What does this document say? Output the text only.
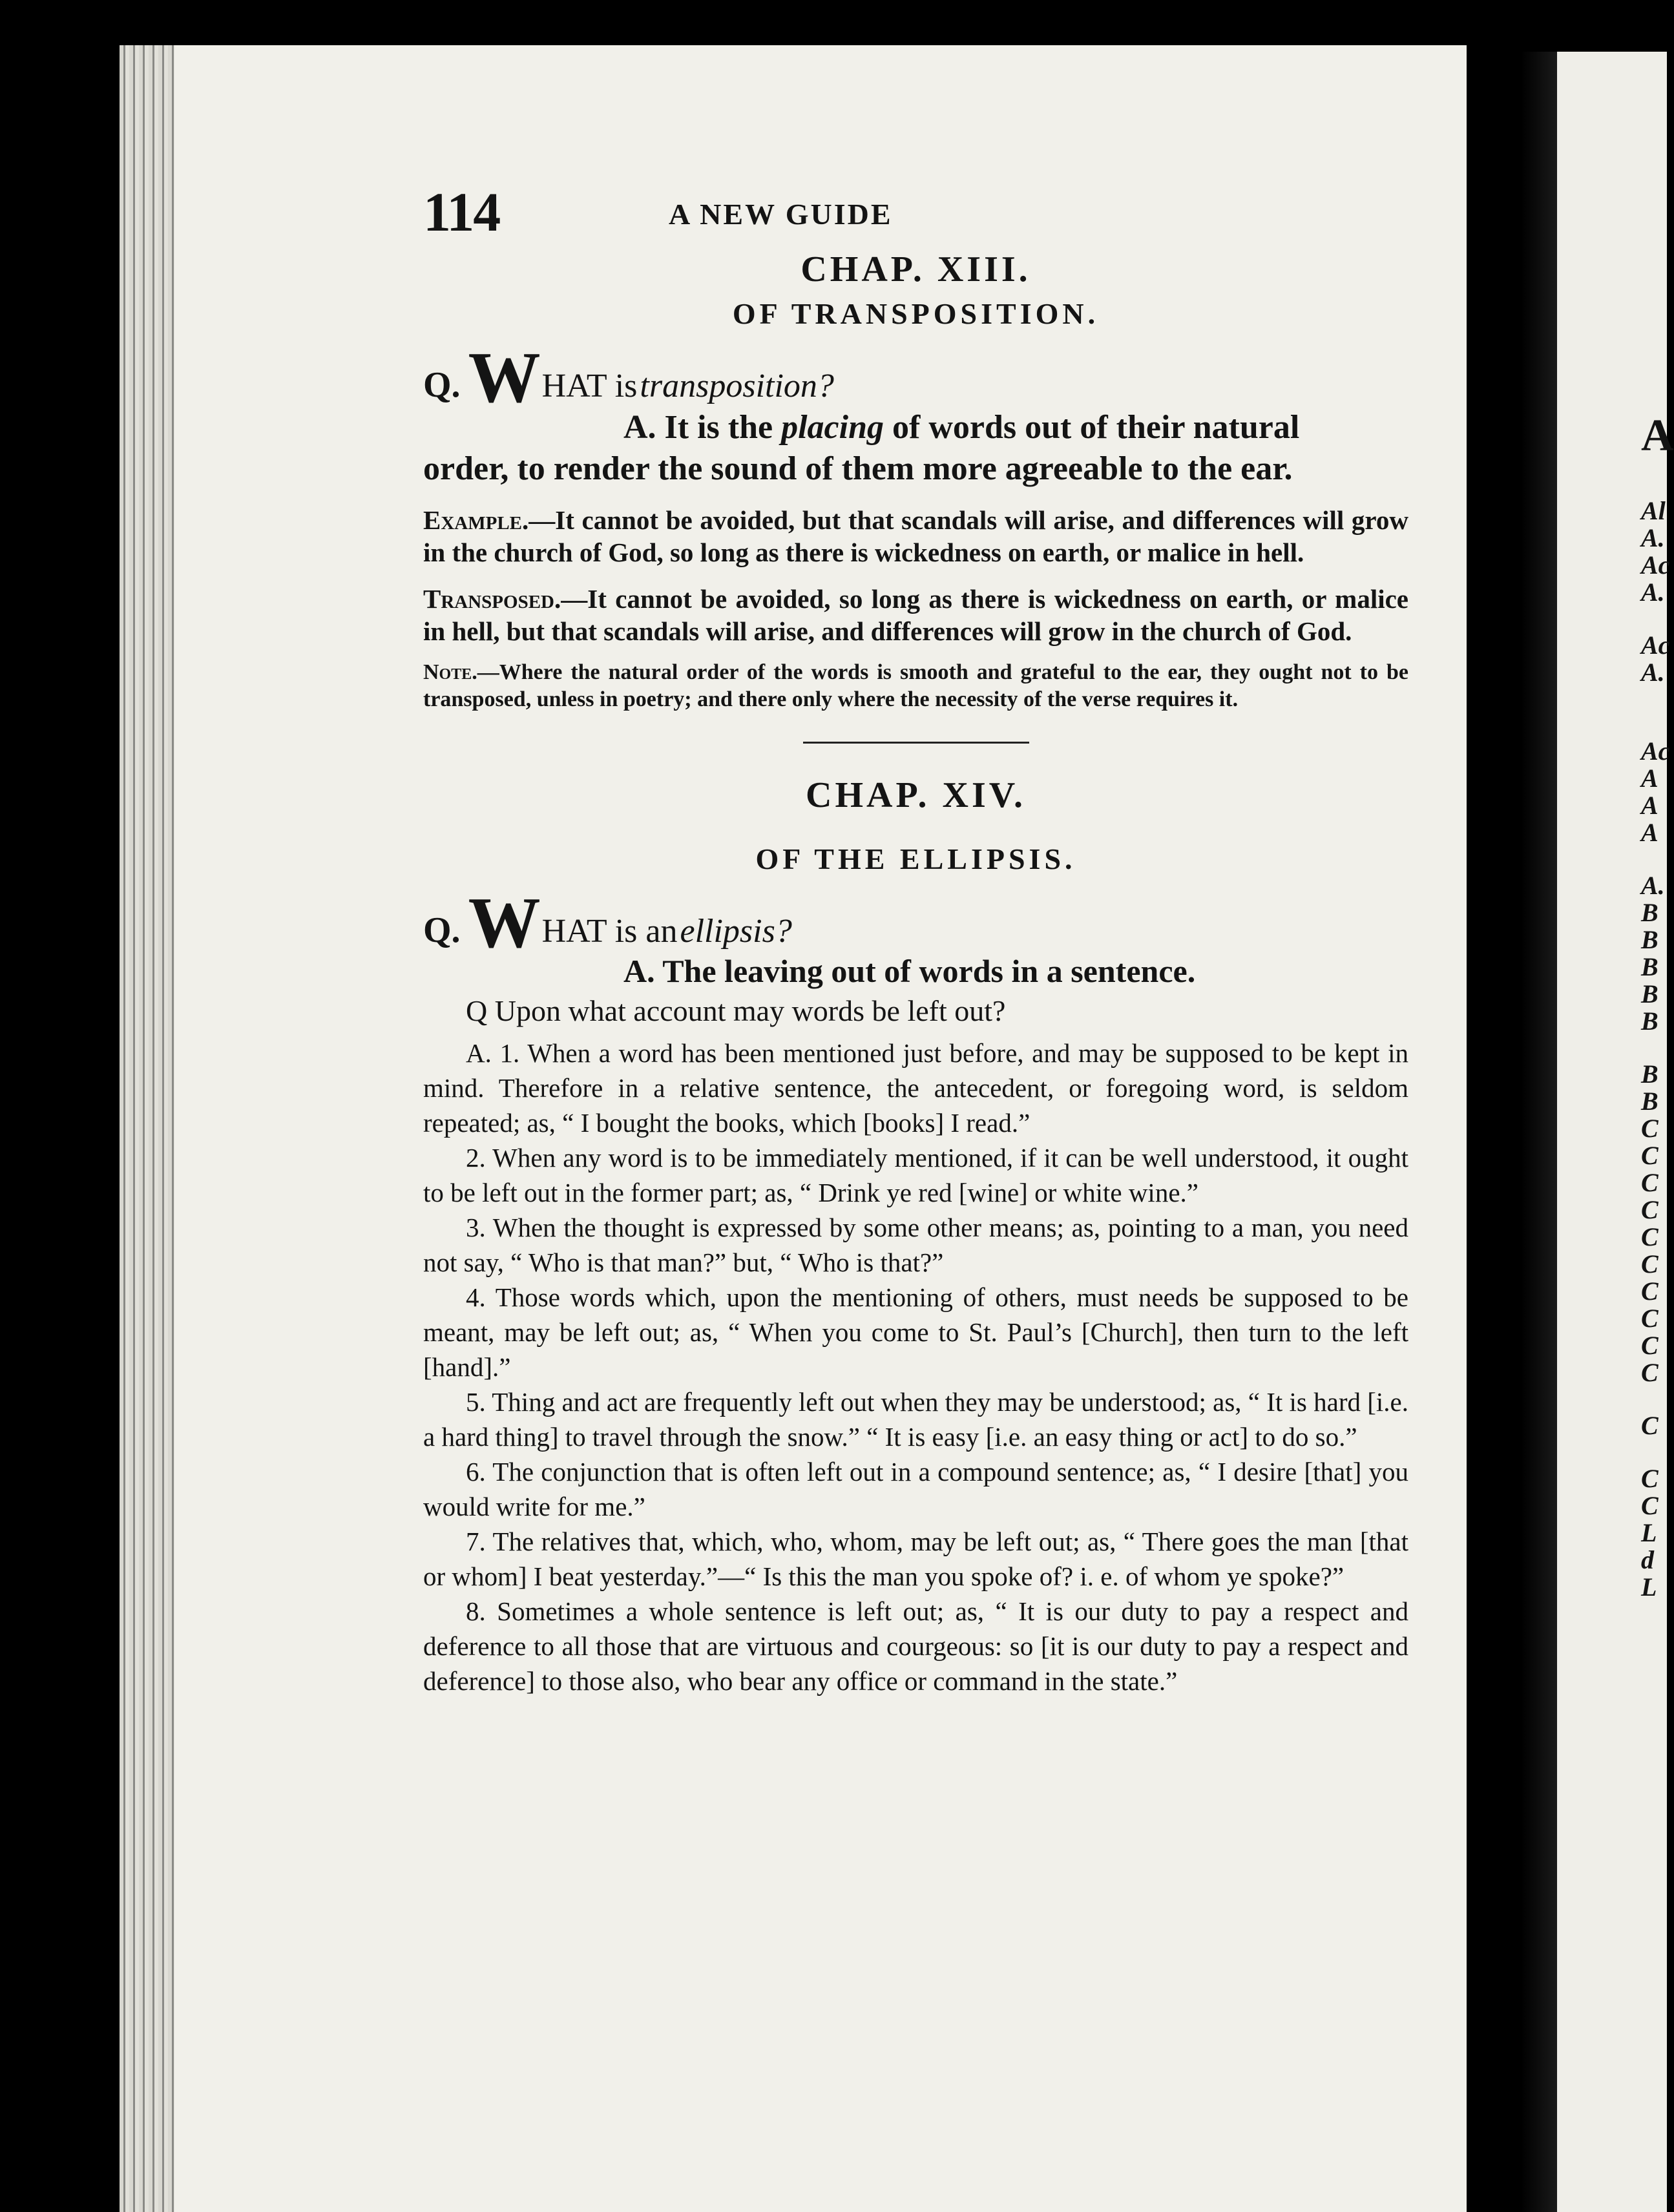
A
Al
A.
Ac
A.
Ac
A.
Ac
A
A
A
A.
B
B
B
B
B
B
B
C
C
C
C
C
C
C
C
C
C
C
C
C
L
d
L
114	A NEW GUIDE
CHAP. XIII.
OF TRANSPOSITION.
Q. WHAT is transposition?

A. It is the placing of words out of their natural

order, to render the sound of them more agreeable to the ear.

Example.—It cannot be avoided, but that scandals will arise, and differences will grow in the church of God, so long as there is wickedness on earth, or malice in hell.

Transposed.—It cannot be avoided, so long as there is wickedness on earth, or malice in hell, but that scandals will arise, and differences will grow in the church of God.

Note.—Where the natural order of the words is smooth and grateful to the ear, they ought not to be transposed, unless in poetry; and there only where the necessity of the verse requires it.

CHAP. XIV.
OF THE ELLIPSIS.
Q. WHAT is an ellipsis?

A. The leaving out of words in a sentence.

Q Upon what account may words be left out?

A. 1. When a word has been mentioned just before, and may be supposed to be kept in mind. Therefore in a relative sentence, the antecedent, or foregoing word, is seldom repeated; as, “ I bought the books, which [books] I read.”

2. When any word is to be immediately mentioned, if it can be well understood, it ought to be left out in the former part; as, “ Drink ye red [wine] or white wine.”

3. When the thought is expressed by some other means; as, pointing to a man, you need not say, “ Who is that man?” but, “ Who is that?”

4. Those words which, upon the mentioning of others, must needs be supposed to be meant, may be left out; as, “ When you come to St. Paul’s [Church], then turn to the left [hand].”

5. Thing and act are frequently left out when they may be understood; as, “ It is hard [i.e. a hard thing] to travel through the snow.” “ It is easy [i.e. an easy thing or act] to do so.”

6. The conjunction that is often left out in a compound sentence; as, “ I desire [that] you would write for me.”

7. The relatives that, which, who, whom, may be left out; as, “ There goes the man [that or whom] I beat yesterday.”—“ Is this the man you spoke of? i. e. of whom ye spoke?”

8. Sometimes a whole sentence is left out; as, “ It is our duty to pay a respect and deference to all those that are virtuous and courgeous: so [it is our duty to pay a respect and deference] to those also, who bear any office or command in the state.”
